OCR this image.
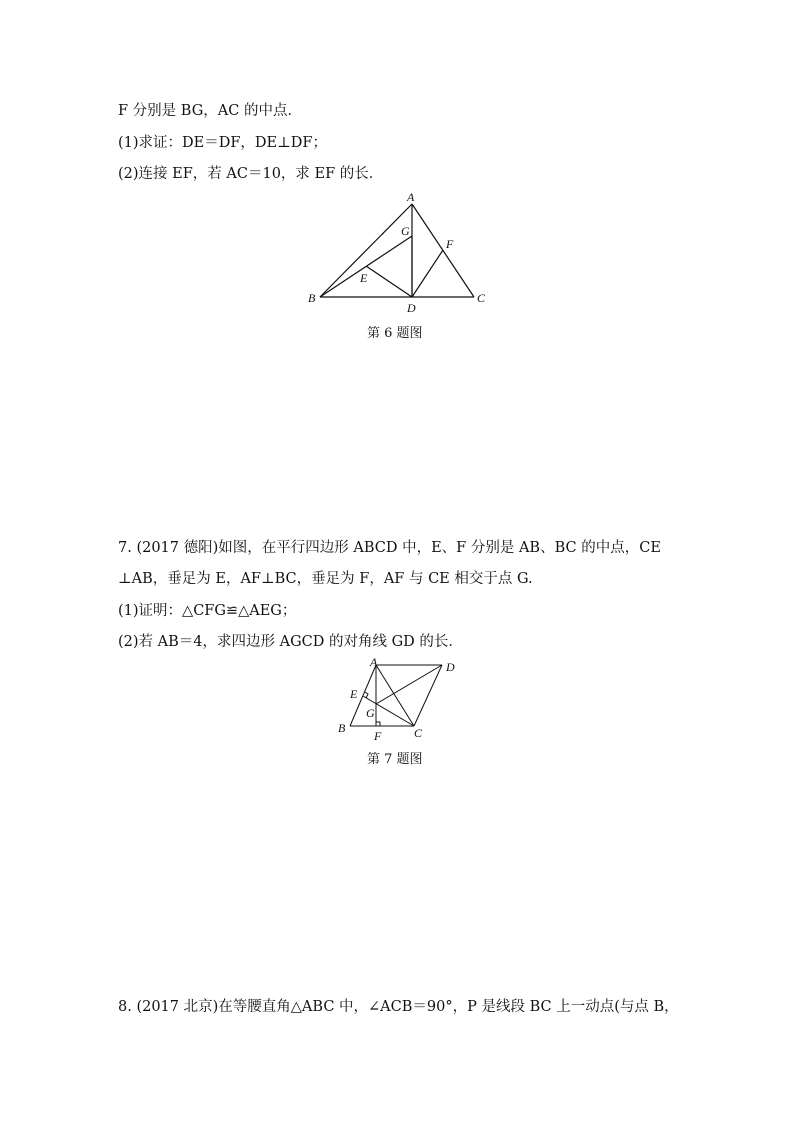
F 分别是 BG，AC 的中点．
(1)求证：DE＝DF，DE⊥DF；
(2)连接 EF，若 AC＝10，求 EF 的长．
A
G
F
E
B
D
C
第 6 题图
7. (2017 德阳)如图，在平行四边形 ABCD 中，E、F 分别是 AB、BC 的中点，CE
⊥AB，垂足为 E，AF⊥BC，垂足为 F，AF 与 CE 相交于点 G.
(1)证明：△CFG≌△AEG；
(2)若 AB＝4，求四边形 AGCD 的对角线 GD 的长．
A	D
E
G
B
F	C
第 7 题图
8. (2017 北京)在等腰直角△ABC 中，∠ACB＝90°，P 是线段 BC 上一动点(与点 B，
